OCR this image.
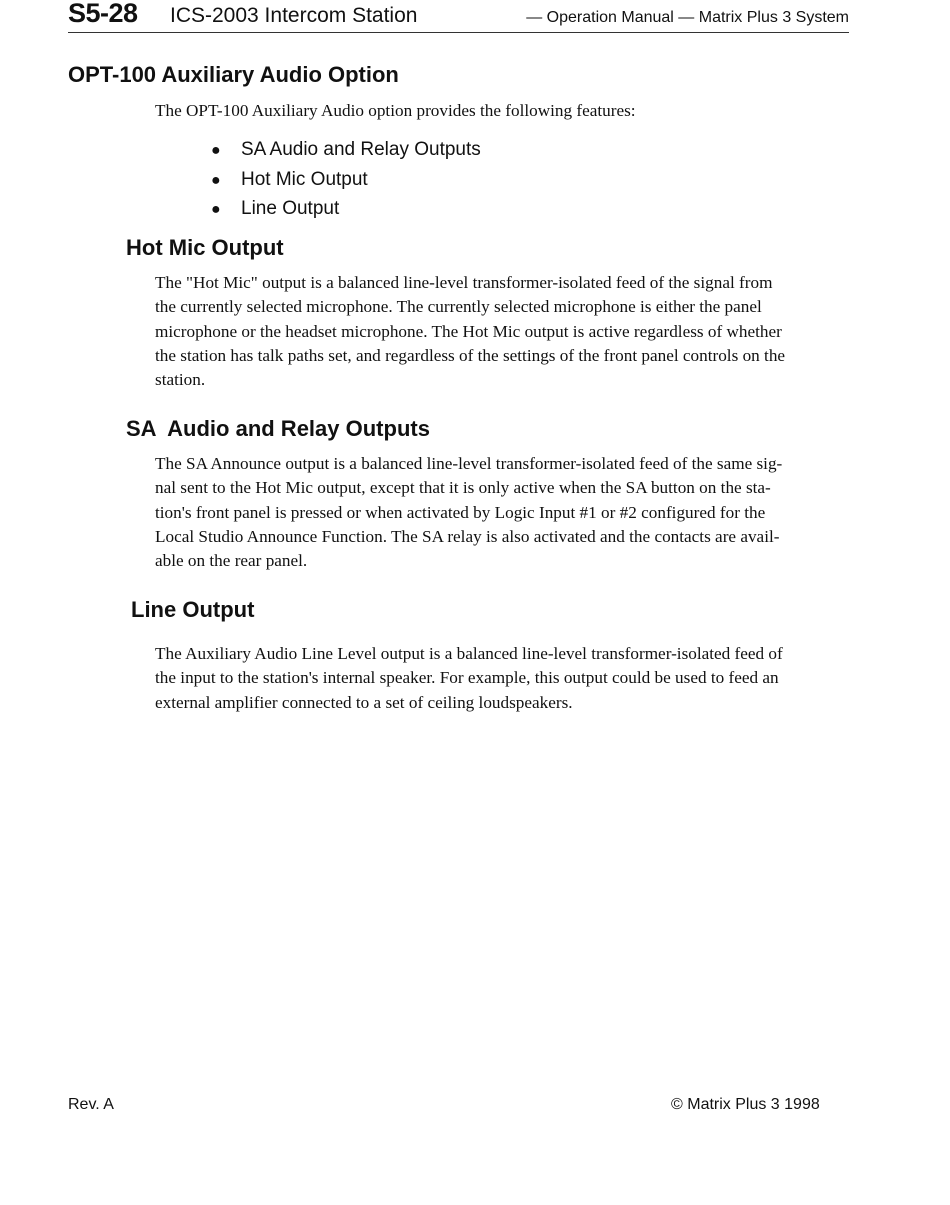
S5-28 ICS-2003 Intercom Station	— Operation Manual — Matrix Plus 3 System
OPT-100 Auxiliary Audio Option

The OPT-100 Auxiliary Audio option provides the following features:

● SA Audio and Relay Outputs
● Hot Mic Output
● Line Output
Hot Mic Output

The "Hot Mic" output is a balanced line-level transformer-isolated feed of the signal from
the currently selected microphone. The currently selected microphone is either the panel
microphone or the headset microphone. The Hot Mic output is active regardless of whether
the station has talk paths set, and regardless of the settings of the front panel controls on the
station.

SA  Audio and Relay Outputs

The SA Announce output is a balanced line-level transformer-isolated feed of the same sig-
nal sent to the Hot Mic output, except that it is only active when the SA button on the sta-
tion's front panel is pressed or when activated by Logic Input #1 or #2 configured for the
Local Studio Announce Function. The SA relay is also activated and the contacts are avail-
able on the rear panel.

Line Output

The Auxiliary Audio Line Level output is a balanced line-level transformer-isolated feed of
the input to the station's internal speaker. For example, this output could be used to feed an
external amplifier connected to a set of ceiling loudspeakers.

Rev. A	© Matrix Plus 3 1998
